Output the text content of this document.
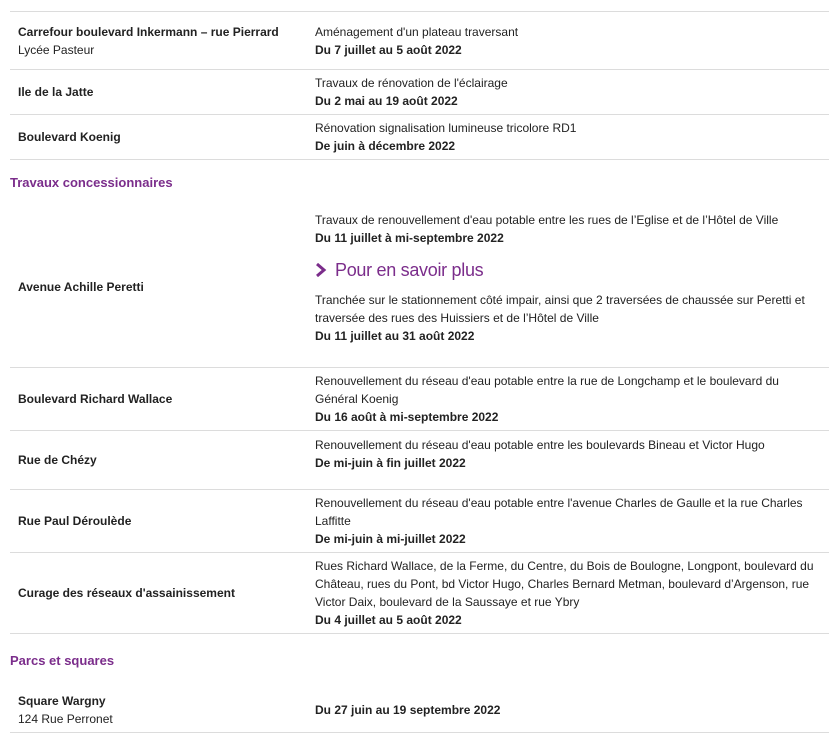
Carrefour boulevard Inkermann – rue Pierrard
Lycée Pasteur
Aménagement d'un plateau traversant
Du 7 juillet au 5 août 2022
Ile de la Jatte
Travaux de rénovation de l'éclairage
Du 2 mai au 19 août 2022
Boulevard Koenig
Rénovation signalisation lumineuse tricolore RD1
De juin à décembre 2022
Travaux concessionnaires
Avenue Achille Peretti
Travaux de renouvellement d'eau potable entre les rues de l’Eglise et de l’Hôtel de Ville
Du 11 juillet à mi-septembre 2022
Pour en savoir plus
Tranchée sur le stationnement côté impair, ainsi que 2 traversées de chaussée sur Peretti et
traversée des rues des Huissiers et de l’Hôtel de Ville
Du 11 juillet au 31 août 2022
Boulevard Richard Wallace
Renouvellement du réseau d'eau potable entre la rue de Longchamp et le boulevard du
Général Koenig
Du 16 août à mi-septembre 2022
Rue de Chézy
Renouvellement du réseau d'eau potable entre les boulevards Bineau et Victor Hugo
De mi-juin à fin juillet 2022
Rue Paul Déroulède
Renouvellement du réseau d'eau potable entre l'avenue Charles de Gaulle et la rue Charles
Laffitte
De mi-juin à mi-juillet 2022
Curage des réseaux d'assainissement
Rues Richard Wallace, de la Ferme, du Centre, du Bois de Boulogne, Longpont, boulevard du
Château, rues du Pont, bd Victor Hugo, Charles Bernard Metman, boulevard d’Argenson, rue
Victor Daix, boulevard de la Saussaye et rue Ybry
Du 4 juillet au 5 août 2022
Parcs et squares
Square Wargny
124 Rue Perronet
Du 27 juin au 19 septembre 2022
